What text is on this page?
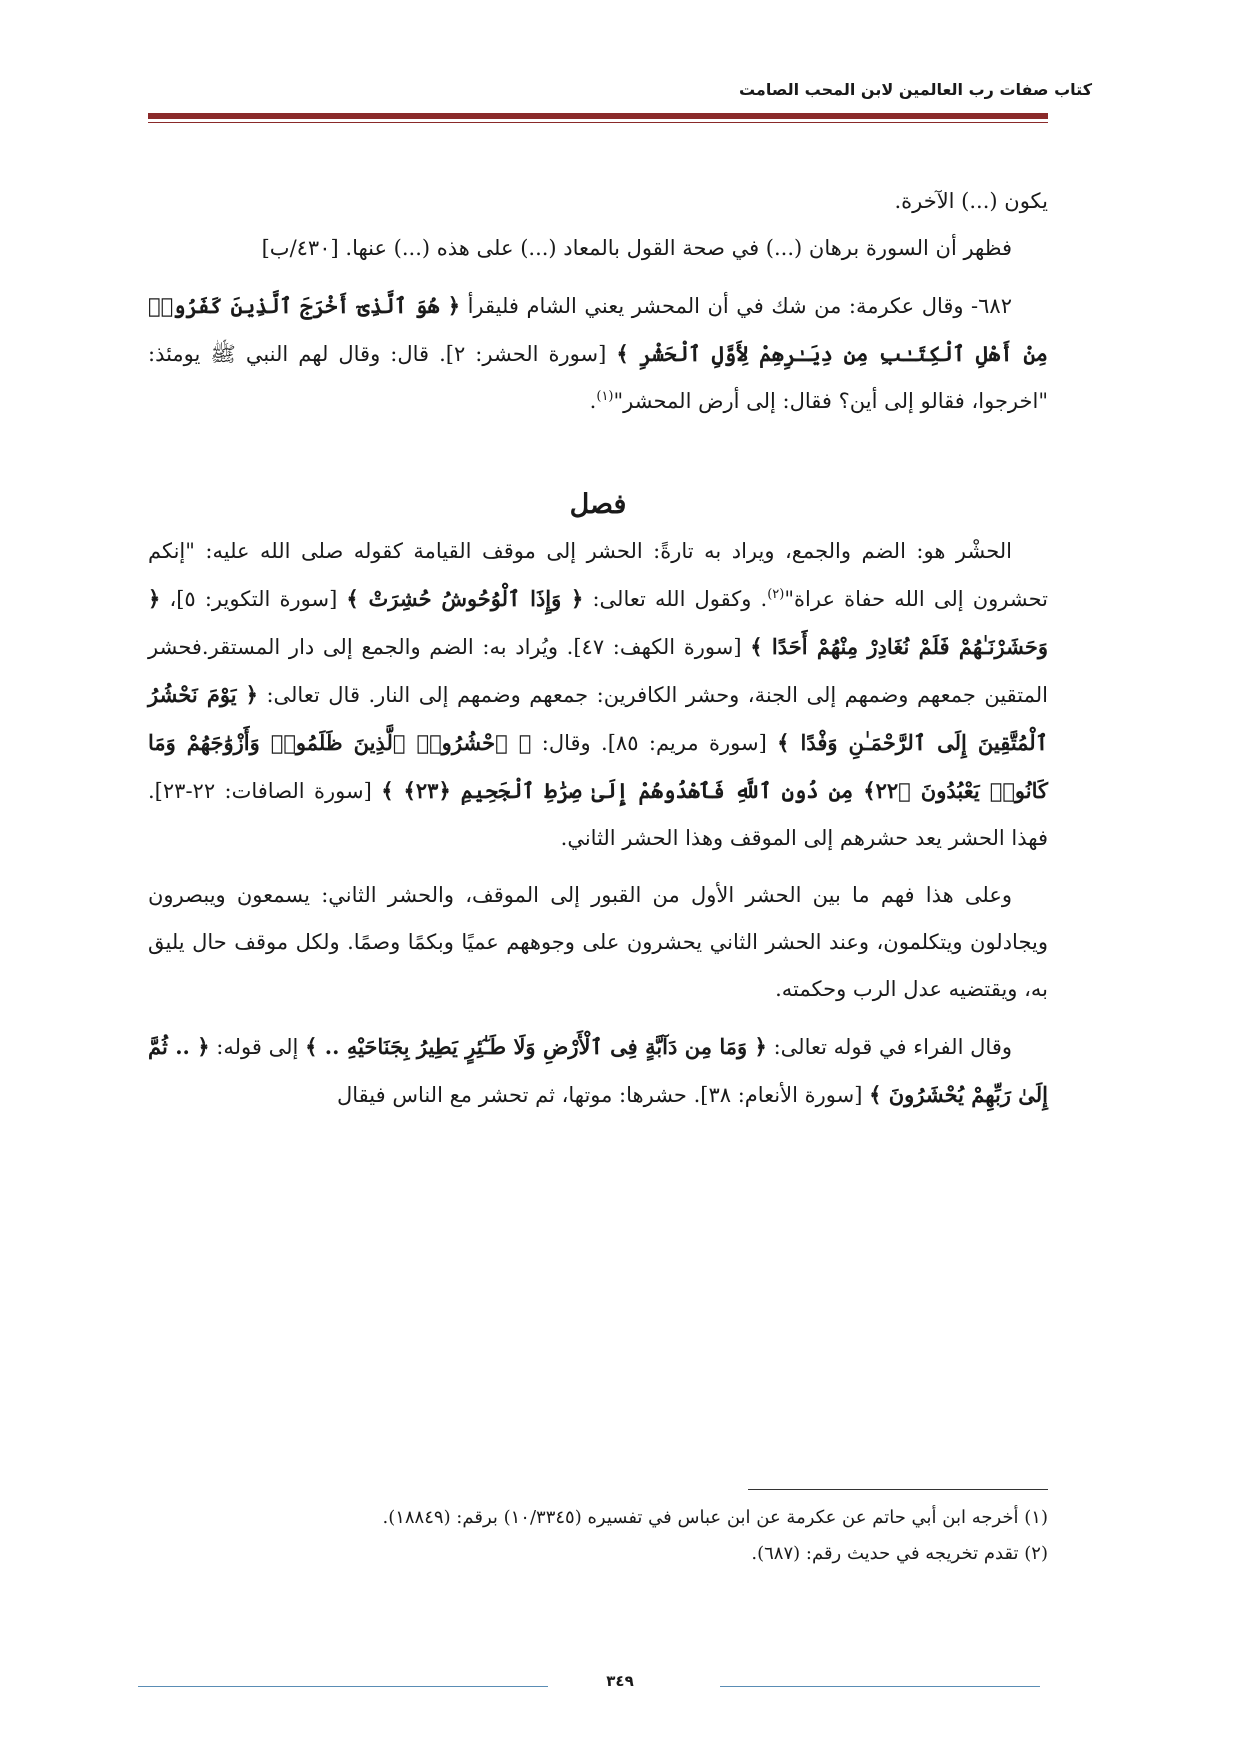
كتاب صفات رب العالمين لابن المحب الصامت

يكون (...) الآخرة.

فظهر أن السورة برهان (...) في صحة القول بالمعاد (...) على هذه (...) عنها. [٤٣٠/ب]

٦٨٢- وقال عكرمة: من شك في أن المحشر يعني الشام فليقرأ ﴿ هُوَ ٱلَّذِىٓ أَخْرَجَ ٱلَّذِينَ كَفَرُوا۟ مِنْ أَهْلِ ٱلْكِتَـٰبِ مِن دِيَـٰرِهِمْ لِأَوَّلِ ٱلْحَشْرِ ﴾ [سورة الحشر: ٢]. قال: وقال لهم النبي ﷺ يومئذ: "اخرجوا، فقالو إلى أين؟ فقال: إلى أرض المحشر"$^{(١)}$.

فصل

الحشْر هو: الضم والجمع، ويراد به تارةً: الحشر إلى موقف القيامة كقوله صلى الله عليه: "إنكم تحشرون إلى الله حفاة عراة"$^{(٢)}$. وكقول الله تعالى: ﴿ وَإِذَا ٱلْوُحُوشُ حُشِرَتْ ﴾ [سورة التكوير: ٥]، ﴿ وَحَشَرْنَـٰهُمْ فَلَمْ نُغَادِرْ مِنْهُمْ أَحَدًا ﴾ [سورة الكهف: ٤٧]. ويُراد به: الضم والجمع إلى دار المستقر.فحشر المتقين جمعهم وضمهم إلى الجنة، وحشر الكافرين: جمعهم وضمهم إلى النار. قال تعالى: ﴿ يَوْمَ نَحْشُرُ ٱلْمُتَّقِينَ إِلَى ٱلرَّحْمَـٰنِ وَفْدًا ﴾ [سورة مريم: ٨٥]. وقال: ﴿ ٱحْشُرُوا۟ ٱلَّذِينَ ظَلَمُوا۟ وَأَزْوَٰجَهُمْ وَمَا كَانُوا۟ يَعْبُدُونَ ﴿٢٢﴾ مِن دُونِ ٱللَّهِ فَٱهْدُوهُمْ إِلَىٰ صِرَٰطِ ٱلْجَحِيمِ ﴿٢٣﴾ ﴾ [سورة الصافات: ٢٢-٢٣]. فهذا الحشر يعد حشرهم إلى الموقف وهذا الحشر الثاني.

وعلى هذا فهم ما بين الحشر الأول من القبور إلى الموقف، والحشر الثاني: يسمعون ويبصرون ويجادلون ويتكلمون، وعند الحشر الثاني يحشرون على وجوههم عميًا وبكمًا وصمًا. ولكل موقف حال يليق به، ويقتضيه عدل الرب وحكمته.

وقال الفراء في قوله تعالى: ﴿ وَمَا مِن دَآبَّةٍ فِى ٱلْأَرْضِ وَلَا طَـٰٓئِرٍ يَطِيرُ بِجَنَاحَيْهِ .. ﴾ إلى قوله: ﴿ .. ثُمَّ إِلَىٰ رَبِّهِمْ يُحْشَرُونَ ﴾ [سورة الأنعام: ٣٨]. حشرها: موتها، ثم تحشر مع الناس فيقال

(١) أخرجه ابن أبي حاتم عن عكرمة عن ابن عباس في تفسيره (١٠/٣٣٤٥) برقم: (١٨٨٤٩).

(٢) تقدم تخريجه في حديث رقم: (٦٨٧).

٣٤٩
